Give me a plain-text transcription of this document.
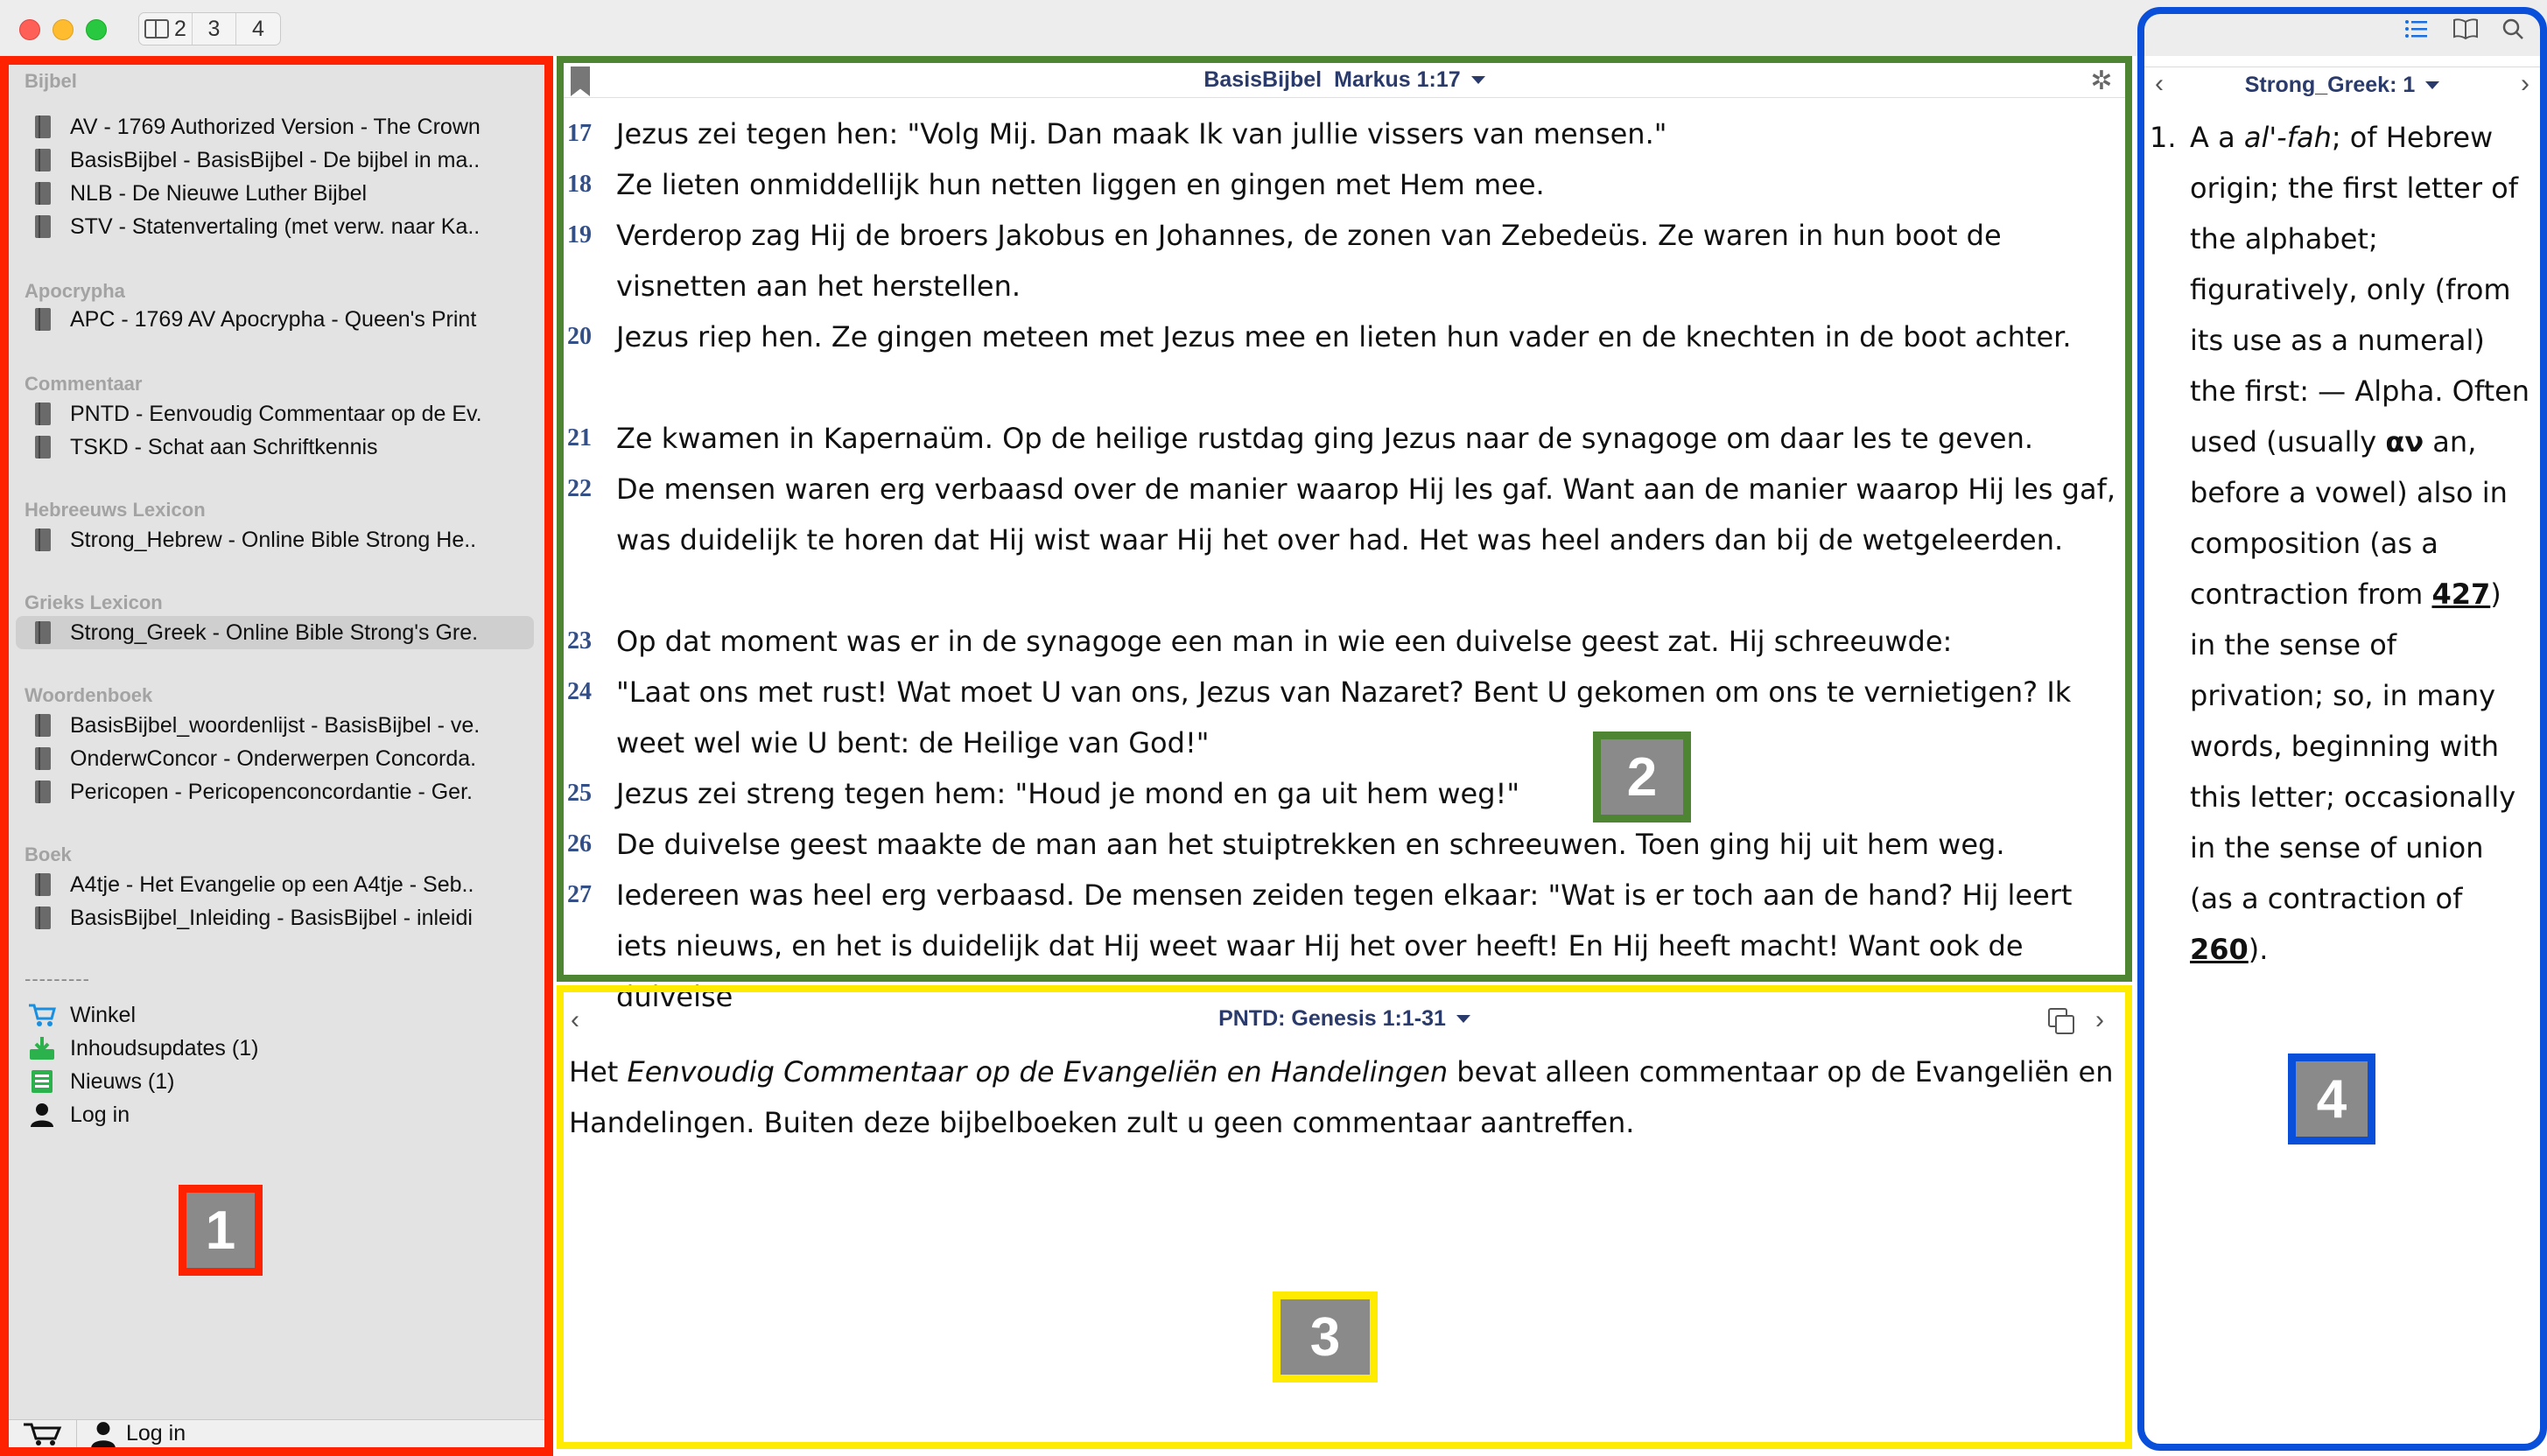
2 3 4
Bijbel
AV - 1769 Authorized Version - The Crown
BasisBijbel - BasisBijbel - De bijbel in ma..
NLB - De Nieuwe Luther Bijbel
STV - Statenvertaling (met verw. naar Ka..
Apocrypha
APC - 1769 AV Apocrypha - Queen's Print
Commentaar
PNTD - Eenvoudig Commentaar op de Ev.
TSKD - Schat aan Schriftkennis
Hebreeuws Lexicon
Strong_Hebrew - Online Bible Strong He..
Grieks Lexicon
Strong_Greek - Online Bible Strong's Gre.
Woordenboek
BasisBijbel_woordenlijst - BasisBijbel - ve.
OnderwConcor - Onderwerpen Concorda.
Pericopen - Pericopenconcordantie - Ger.
Boek
A4tje - Het Evangelie op een A4tje - Seb..
BasisBijbel_Inleiding - BasisBijbel - inleidi
---------
Winkel
Inhoudsupdates (1)
Nieuws (1)
Log in
Log in
BasisBijbel Markus 1:17	✲
17 Jezus zei tegen hen: "Volg Mij. Dan maak Ik van jullie vissers van mensen."
18 Ze lieten onmiddellijk hun netten liggen en gingen met Hem mee.
19 Verderop zag Hij de broers Jakobus en Johannes, de zonen van Zebedeüs. Ze waren in hun boot de visnetten aan het herstellen.
20 Jezus riep hen. Ze gingen meteen met Jezus mee en lieten hun vader en de knechten in de boot achter.
21 Ze kwamen in Kapernaüm. Op de heilige rustdag ging Jezus naar de synagoge om daar les te geven.
22 De mensen waren erg verbaasd over de manier waarop Hij les gaf. Want aan de manier waarop Hij les gaf, was duidelijk te horen dat Hij wist waar Hij het over had. Het was heel anders dan bij de wetgeleerden.
23 Op dat moment was er in de synagoge een man in wie een duivelse geest zat. Hij schreeuwde:
24 "Laat ons met rust! Wat moet U van ons, Jezus van Nazaret? Bent U gekomen om ons te vernietigen? Ik weet wel wie U bent: de Heilige van God!"
25 Jezus zei streng tegen hem: "Houd je mond en ga uit hem weg!"
26 De duivelse geest maakte de man aan het stuiptrekken en schreeuwen. Toen ging hij uit hem weg.
27 Iedereen was heel erg verbaasd. De mensen zeiden tegen elkaar: "Wat is er toch aan de hand? Hij leert iets nieuws, en het is duidelijk dat Hij weet waar Hij het over heeft! En Hij heeft macht! Want ook de duivelse
‹	PNTD: Genesis 1:1-31	›
Het Eenvoudig Commentaar op de Evangeliën en Handelingen bevat alleen commentaar op de Evangeliën en Handelingen. Buiten deze bijbelboeken zult u geen commentaar aantreffen.
‹	Strong_Greek: 1	›
1. A a al'-fah; of Hebrew origin; the first letter of the alphabet; figuratively, only (from its use as a numeral) the first: — Alpha. Often used (usually αν an, before a vowel) also in composition (as a contraction from 427) in the sense of privation; so, in many words, beginning with this letter; occasionally in the sense of union (as a contraction of 260).
1
2
3
4
